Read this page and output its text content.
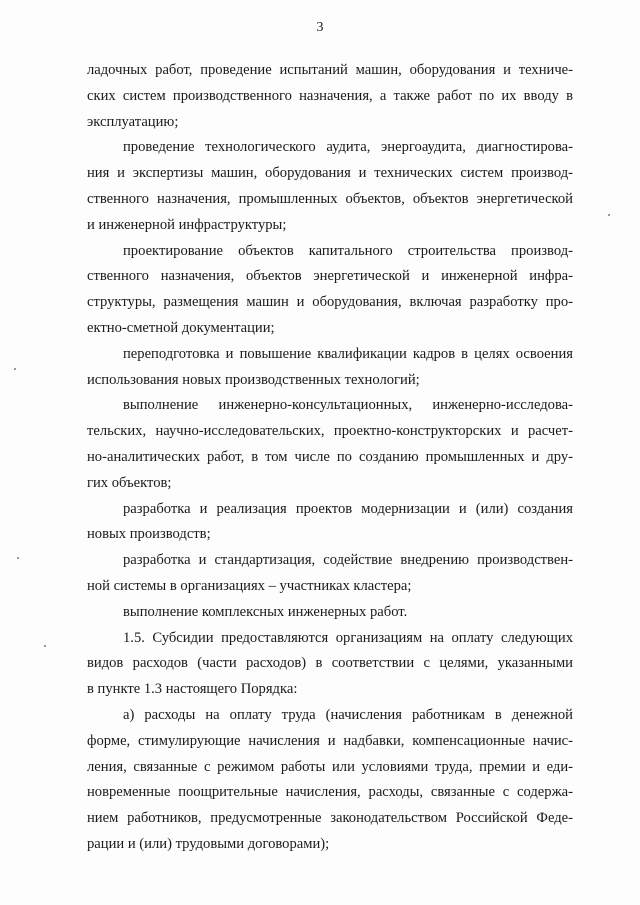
3
ладочных работ, проведение испытаний машин, оборудования и техниче-
ских систем производственного назначения, а также работ по их вводу в
эксплуатацию;
проведение технологического аудита, энергоаудита, диагностирова-
ния и экспертизы машин, оборудования и технических систем производ-
ственного назначения, промышленных объектов, объектов энергетической
и инженерной инфраструктуры;
проектирование объектов капитального строительства производ-
ственного назначения, объектов энергетической и инженерной инфра-
структуры, размещения машин и оборудования, включая разработку про-
ектно-сметной документации;
переподготовка и повышение квалификации кадров в целях освоения
использования новых производственных технологий;
выполнение инженерно-консультационных, инженерно-исследова-
тельских, научно-исследовательских, проектно-конструкторских и расчет-
но-аналитических работ, в том числе по созданию промышленных и дру-
гих объектов;
разработка и реализация проектов модернизации и (или) создания
новых производств;
разработка и стандартизация, содействие внедрению производствен-
ной системы в организациях – участниках кластера;
выполнение комплексных инженерных работ.
1.5. Субсидии предоставляются организациям на оплату следующих
видов расходов (части расходов) в соответствии с целями, указанными
в пункте 1.3 настоящего Порядка:
а) расходы на оплату труда (начисления работникам в денежной
форме, стимулирующие начисления и надбавки, компенсационные начис-
ления, связанные с режимом работы или условиями труда, премии и еди-
новременные поощрительные начисления, расходы, связанные с содержа-
нием работников, предусмотренные законодательством Российской Феде-
рации и (или) трудовыми договорами);
